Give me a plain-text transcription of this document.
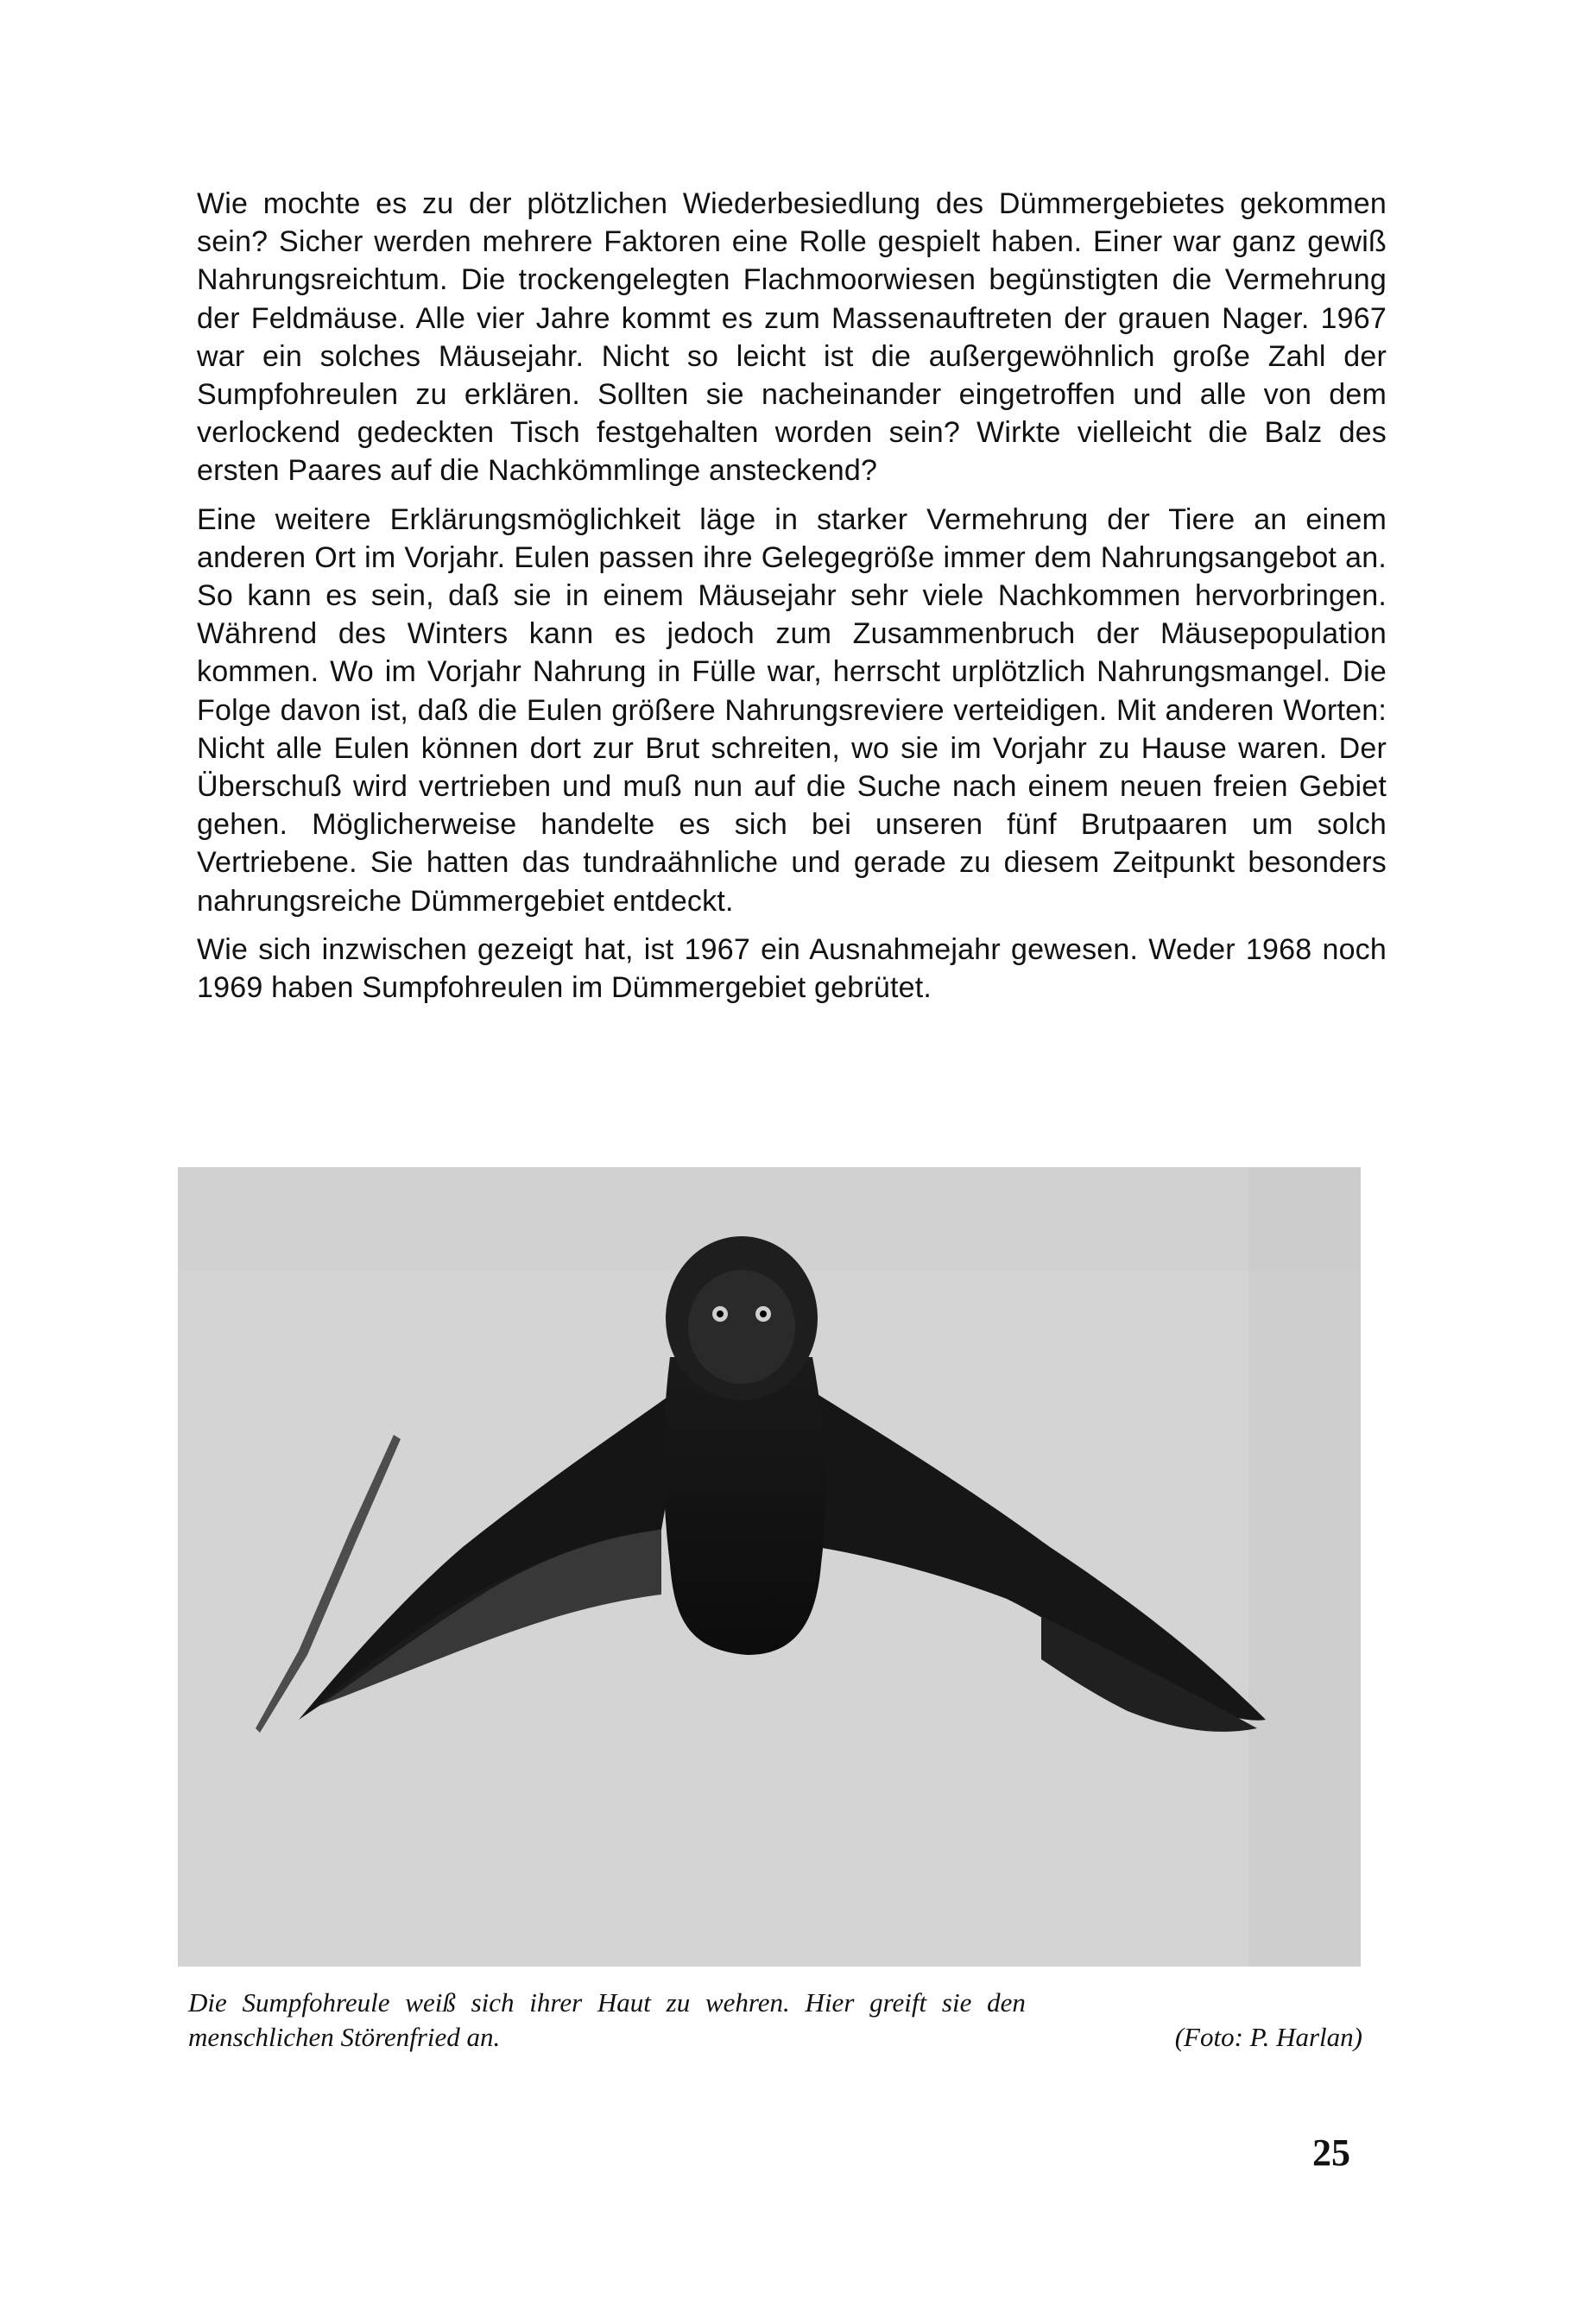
Wie mochte es zu der plötzlichen Wiederbesiedlung des Dümmergebietes gekommen sein? Sicher werden mehrere Faktoren eine Rolle gespielt haben. Einer war ganz gewiß Nahrungsreichtum. Die trockengelegten Flachmoorwiesen begünstigten die Vermehrung der Feldmäuse. Alle vier Jahre kommt es zum Massenauftreten der grauen Nager. 1967 war ein solches Mäusejahr. Nicht so leicht ist die außergewöhnlich große Zahl der Sumpfohreulen zu erklären. Sollten sie nacheinander eingetroffen und alle von dem verlockend gedeckten Tisch festgehalten worden sein? Wirkte vielleicht die Balz des ersten Paares auf die Nachkömmlinge ansteckend?

Eine weitere Erklärungsmöglichkeit läge in starker Vermehrung der Tiere an einem anderen Ort im Vorjahr. Eulen passen ihre Gelegegröße immer dem Nahrungsangebot an. So kann es sein, daß sie in einem Mäusejahr sehr viele Nachkommen hervorbringen. Während des Winters kann es jedoch zum Zusammenbruch der Mäusepopulation kommen. Wo im Vorjahr Nahrung in Fülle war, herrscht urplötzlich Nahrungsmangel. Die Folge davon ist, daß die Eulen größere Nahrungsreviere verteidigen. Mit anderen Worten: Nicht alle Eulen können dort zur Brut schreiten, wo sie im Vorjahr zu Hause waren. Der Überschuß wird vertrieben und muß nun auf die Suche nach einem neuen freien Gebiet gehen. Möglicherweise handelte es sich bei unseren fünf Brutpaaren um solch Vertriebene. Sie hatten das tundraähnliche und gerade zu diesem Zeitpunkt besonders nahrungsreiche Dümmergebiet entdeckt.

Wie sich inzwischen gezeigt hat, ist 1967 ein Ausnahmejahr gewesen. Weder 1968 noch 1969 haben Sumpfohreulen im Dümmergebiet gebrütet.

Die Sumpfohreule weiß sich ihrer Haut zu wehren. Hier greift sie den
menschlichen Störenfried an.	(Foto: P. Harlan)
25
